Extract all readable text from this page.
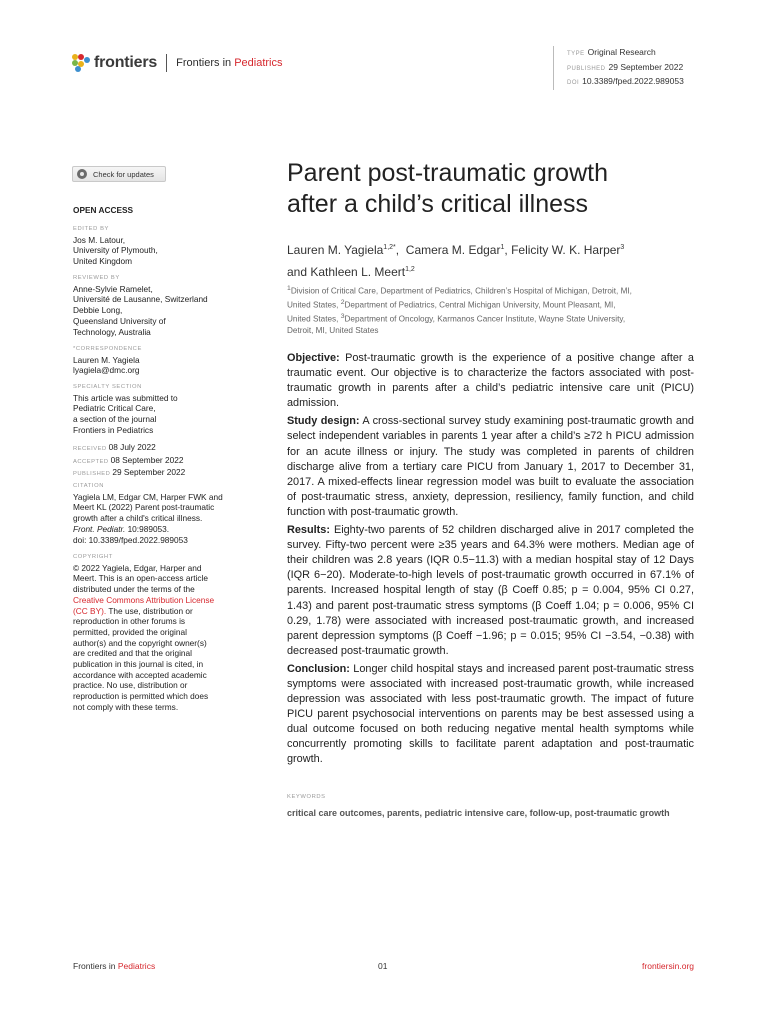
frontiers Frontiers in Pediatrics
TYPE Original Research
PUBLISHED 29 September 2022
DOI 10.3389/fped.2022.989053
Check for updates
OPEN ACCESS
EDITED BY
Jos M. Latour,
University of Plymouth,
United Kingdom
REVIEWED BY
Anne-Sylvie Ramelet,
Université de Lausanne, Switzerland
Debbie Long,
Queensland University of
Technology, Australia
*CORRESPONDENCE
Lauren M. Yagiela
lyagiela@dmc.org
SPECIALTY SECTION
This article was submitted to
Pediatric Critical Care,
a section of the journal
Frontiers in Pediatrics
RECEIVED 08 July 2022
ACCEPTED 08 September 2022
PUBLISHED 29 September 2022
CITATION
Yagiela LM, Edgar CM, Harper FWK and
Meert KL (2022) Parent post-traumatic
growth after a child's critical illness.
Front. Pediatr. 10:989053.
doi: 10.3389/fped.2022.989053
COPYRIGHT
© 2022 Yagiela, Edgar, Harper and
Meert. This is an open-access article
distributed under the terms of the
Creative Commons Attribution License
(CC BY). The use, distribution or
reproduction in other forums is
permitted, provided the original
author(s) and the copyright owner(s)
are credited and that the original
publication in this journal is cited, in
accordance with accepted academic
practice. No use, distribution or
reproduction is permitted which does
not comply with these terms.
Parent post-traumatic growth
after a child’s critical illness
Lauren M. Yagiela$^{1,2*}$,  Camera M. Edgar$^1$, Felicity W. K. Harper$^3$
and Kathleen L. Meert$^{1,2}$
$^1$Division of Critical Care, Department of Pediatrics, Children’s Hospital of Michigan, Detroit, MI,
United States, $^2$Department of Pediatrics, Central Michigan University, Mount Pleasant, MI,
United States, $^3$Department of Oncology, Karmanos Cancer Institute, Wayne State University,
Detroit, MI, United States

Objective: Post-traumatic growth is the experience of a positive change after a traumatic event. Our objective is to characterize the factors associated with post-traumatic growth in parents after a child’s pediatric intensive care unit (PICU) admission.

Study design: A cross-sectional survey study examining post-traumatic growth and select independent variables in parents 1 year after a child’s ≥72 h PICU admission for an acute illness or injury. The study was completed in parents of children discharge alive from a tertiary care PICU from January 1, 2017 to December 31, 2017. A mixed-effects linear regression model was built to evaluate the association of post-traumatic stress, anxiety, depression, resiliency, family function, and child function with post-traumatic growth.

Results: Eighty-two parents of 52 children discharged alive in 2017 completed the survey. Fifty-two percent were ≥35 years and 64.3% were mothers. Median age of their children was 2.8 years (IQR 0.5−11.3) with a median hospital stay of 12 Days (IQR 6−20). Moderate-to-high levels of post-traumatic growth occurred in 67.1% of parents. Increased hospital length of stay (β Coeff 0.85; p = 0.004, 95% CI 0.27, 1.43) and parent post-traumatic stress symptoms (β Coeff 1.04; p = 0.006, 95% CI 0.29, 1.78) were associated with increased post-traumatic growth, and increased parent depression symptoms (β Coeff −1.96; p = 0.015; 95% CI −3.54, −0.38) with decreased post-traumatic growth.

Conclusion: Longer child hospital stays and increased parent post-traumatic stress symptoms were associated with increased post-traumatic growth, while increased depression was associated with less post-traumatic growth. The impact of future PICU parent psychosocial interventions on parents may be best assessed using a dual outcome focused on both reducing negative mental health symptoms while concurrently promoting skills to facilitate parent adaptation and post-traumatic growth.

KEYWORDS
critical care outcomes, parents, pediatric intensive care, follow-up, post-traumatic growth
Frontiers in Pediatrics	01	frontiersin.org
